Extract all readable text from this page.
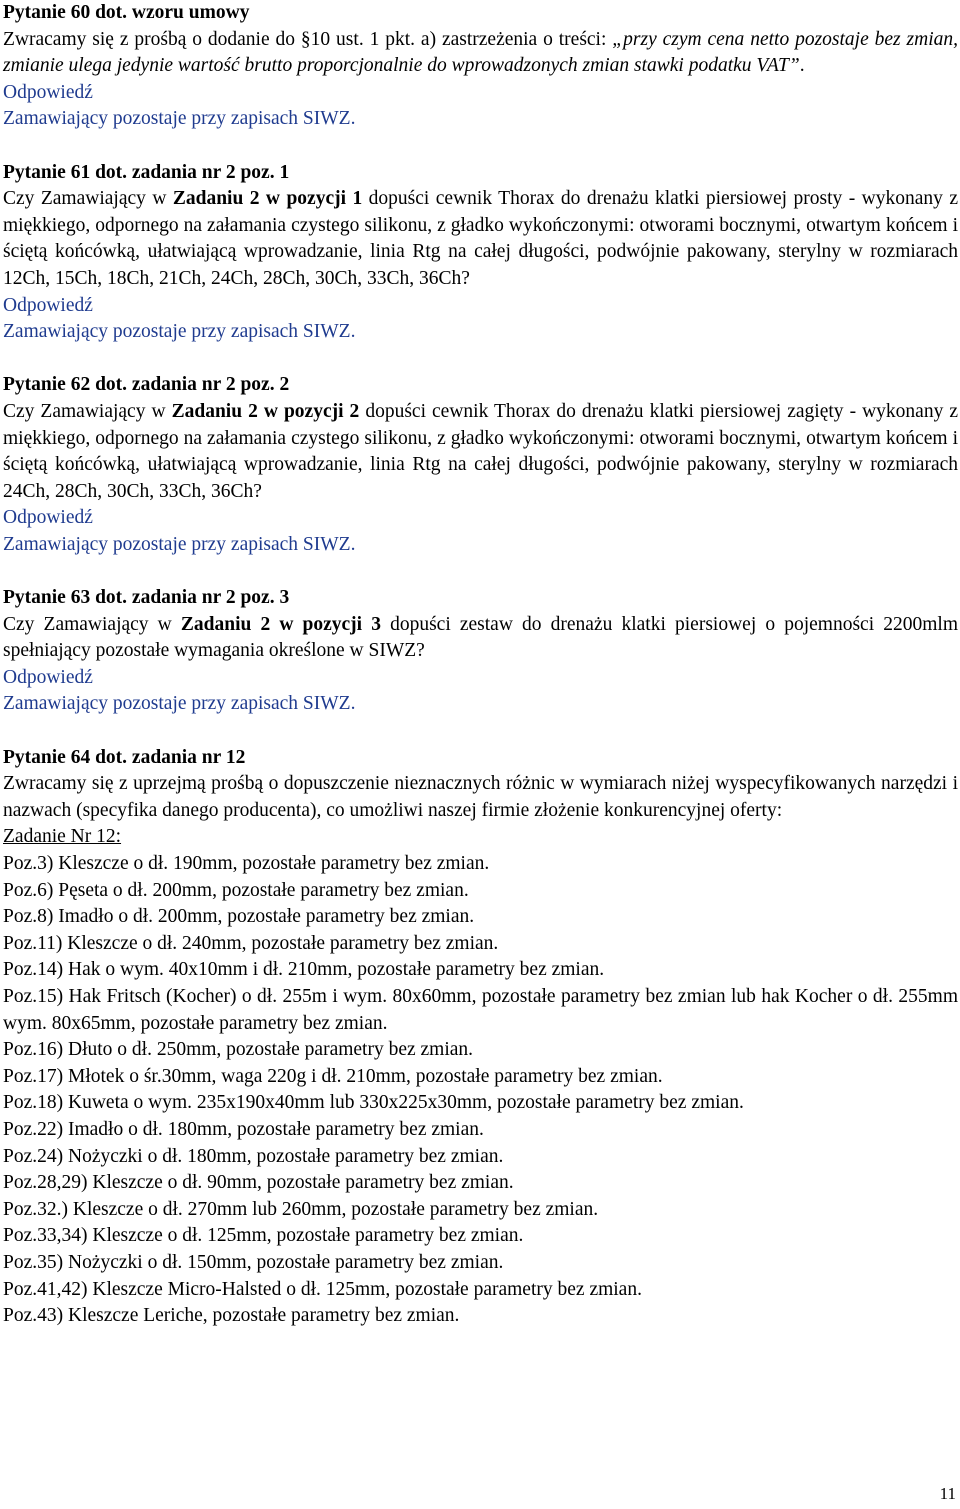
Pytanie 60 dot. wzoru umowy

Zwracamy się z prośbą o dodanie do §10 ust. 1 pkt. a) zastrzeżenia o treści: „przy czym cena netto pozostaje bez zmian, zmianie ulega jedynie wartość brutto proporcjonalnie do wprowadzonych zmian stawki podatku VAT”.

Odpowiedź

Zamawiający pozostaje przy zapisach SIWZ.

Pytanie 61 dot. zadania nr 2 poz. 1

Czy Zamawiający w Zadaniu 2 w pozycji 1 dopuści cewnik Thorax do drenażu klatki piersiowej prosty - wykonany z miękkiego, odpornego na załamania czystego silikonu, z gładko wykończonymi: otworami bocznymi, otwartym końcem i ściętą końcówką, ułatwiającą wprowadzanie, linia Rtg na całej długości, podwójnie pakowany, sterylny w rozmiarach 12Ch, 15Ch, 18Ch, 21Ch, 24Ch, 28Ch, 30Ch, 33Ch, 36Ch?

Odpowiedź

Zamawiający pozostaje przy zapisach SIWZ.

Pytanie 62 dot. zadania nr 2 poz. 2

Czy Zamawiający w Zadaniu 2 w pozycji 2 dopuści cewnik Thorax do drenażu klatki piersiowej zagięty - wykonany z miękkiego, odpornego na załamania czystego silikonu, z gładko wykończonymi: otworami bocznymi, otwartym końcem i ściętą końcówką, ułatwiającą wprowadzanie, linia Rtg na całej długości, podwójnie pakowany, sterylny w rozmiarach 24Ch, 28Ch, 30Ch, 33Ch, 36Ch?

Odpowiedź

Zamawiający pozostaje przy zapisach SIWZ.

Pytanie 63 dot. zadania nr 2 poz. 3

Czy Zamawiający w Zadaniu 2 w pozycji 3 dopuści zestaw do drenażu klatki piersiowej o pojemności 2200mlm spełniający pozostałe wymagania określone w SIWZ?

Odpowiedź

Zamawiający pozostaje przy zapisach SIWZ.

Pytanie 64 dot. zadania nr 12

Zwracamy się z uprzejmą prośbą o dopuszczenie nieznacznych różnic w wymiarach niżej wyspecyfikowanych narzędzi i nazwach (specyfika danego producenta), co umożliwi naszej firmie złożenie konkurencyjnej oferty:

Zadanie Nr 12:

Poz.3) Kleszcze o dł. 190mm, pozostałe parametry bez zmian.

Poz.6) Pęseta o dł. 200mm, pozostałe parametry bez zmian.

Poz.8) Imadło o dł. 200mm, pozostałe parametry bez zmian.

Poz.11) Kleszcze o dł. 240mm, pozostałe parametry bez zmian.

Poz.14) Hak o wym. 40x10mm i dł. 210mm, pozostałe parametry bez zmian.

Poz.15) Hak Fritsch (Kocher) o dł. 255m i wym. 80x60mm, pozostałe parametry bez zmian lub hak Kocher o dł. 255mm wym. 80x65mm, pozostałe parametry bez zmian.

Poz.16) Dłuto o dł. 250mm, pozostałe parametry bez zmian.

Poz.17) Młotek o śr.30mm, waga 220g i dł. 210mm, pozostałe parametry bez zmian.

Poz.18) Kuweta o wym. 235x190x40mm lub 330x225x30mm, pozostałe parametry bez zmian.

Poz.22) Imadło o dł. 180mm, pozostałe parametry bez zmian.

Poz.24) Nożyczki o dł. 180mm, pozostałe parametry bez zmian.

Poz.28,29) Kleszcze o dł. 90mm, pozostałe parametry bez zmian.

Poz.32.) Kleszcze o dł. 270mm lub 260mm, pozostałe parametry bez zmian.

Poz.33,34) Kleszcze o dł. 125mm, pozostałe parametry bez zmian.

Poz.35) Nożyczki o dł. 150mm, pozostałe parametry bez zmian.

Poz.41,42) Kleszcze Micro-Halsted o dł. 125mm, pozostałe parametry bez zmian.

Poz.43) Kleszcze Leriche, pozostałe parametry bez zmian.

11
